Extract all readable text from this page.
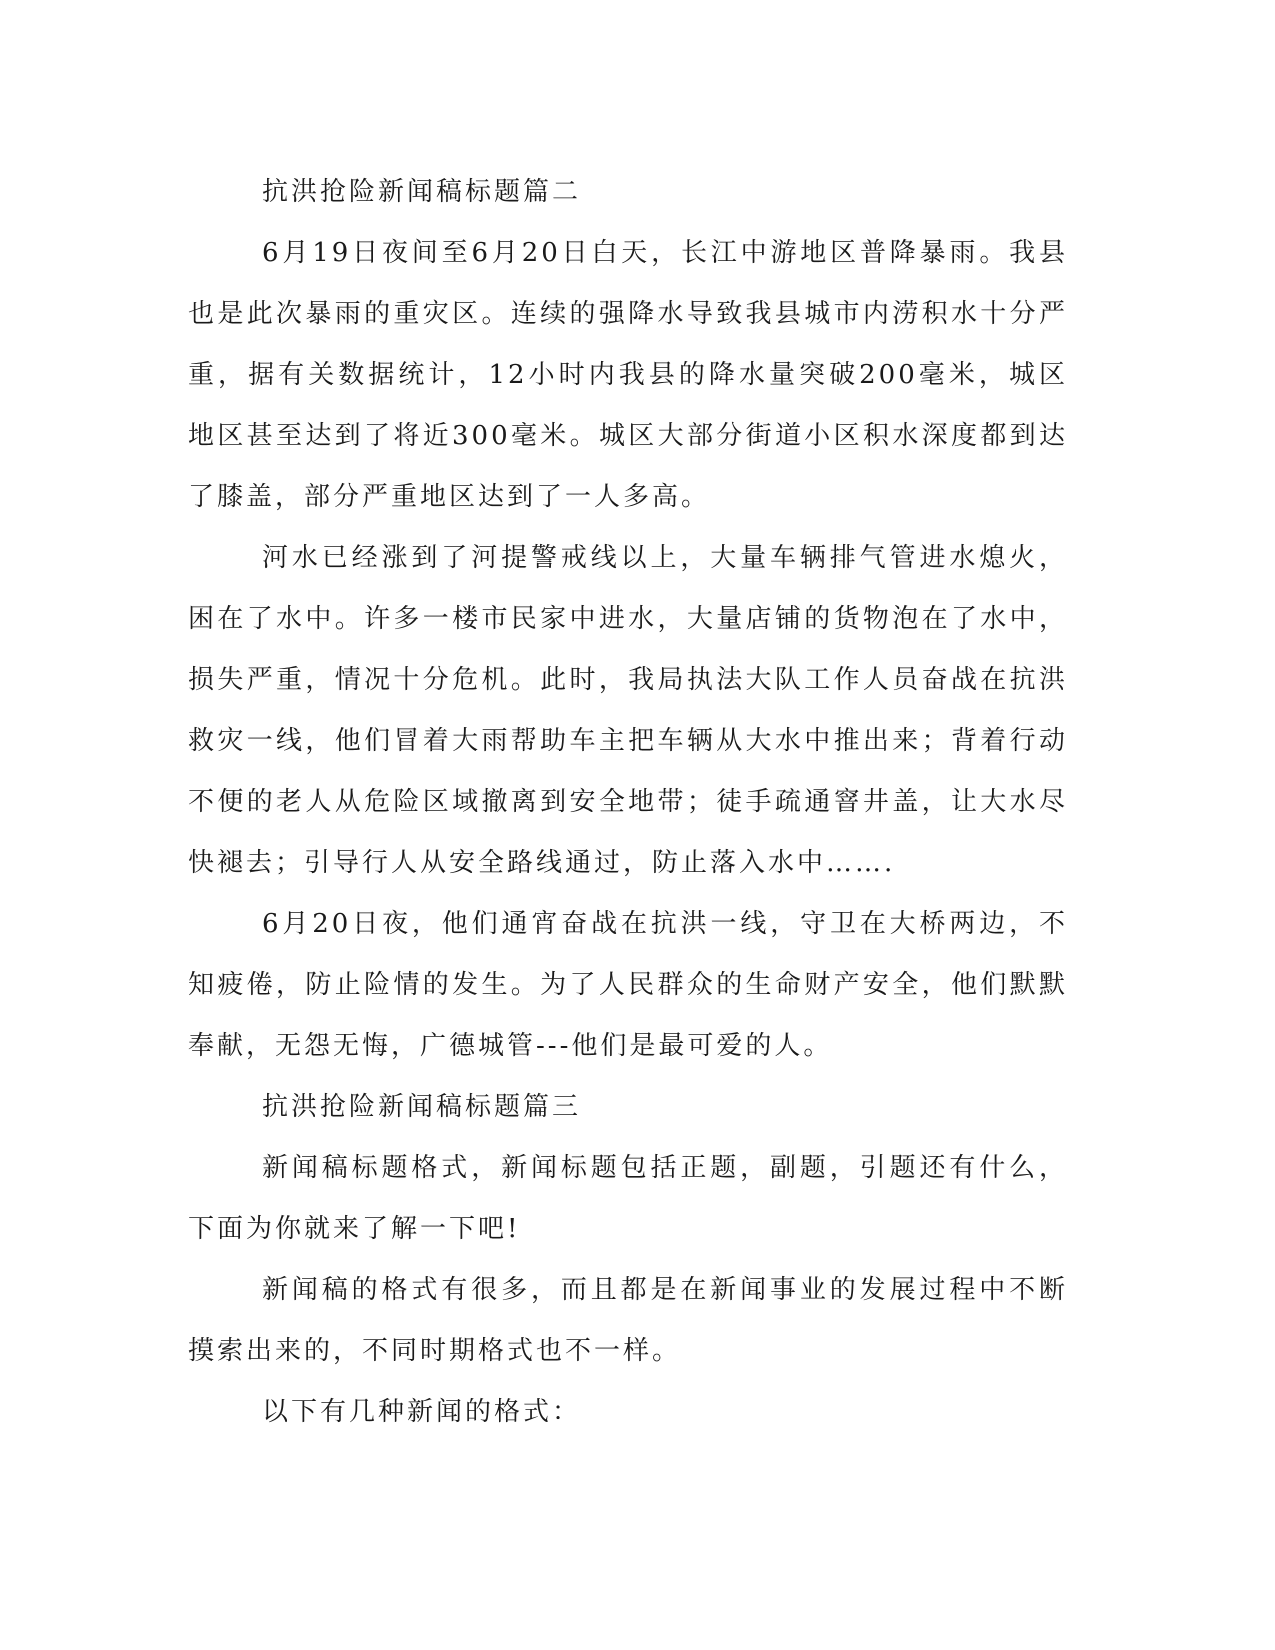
抗洪抢险新闻稿标题篇二

6月19日夜间至6月20日白天，长江中游地区普降暴雨。我县也是此次暴雨的重灾区。连续的强降水导致我县城市内涝积水十分严重，据有关数据统计，12小时内我县的降水量突破200毫米，城区地区甚至达到了将近300毫米。城区大部分街道小区积水深度都到达了膝盖，部分严重地区达到了一人多高。

河水已经涨到了河提警戒线以上，大量车辆排气管进水熄火，困在了水中。许多一楼市民家中进水，大量店铺的货物泡在了水中，损失严重，情况十分危机。此时，我局执法大队工作人员奋战在抗洪救灾一线，他们冒着大雨帮助车主把车辆从大水中推出来；背着行动不便的老人从危险区域撤离到安全地带；徒手疏通窨井盖，让大水尽快褪去；引导行人从安全路线通过，防止落入水中…….

6月20日夜，他们通宵奋战在抗洪一线，守卫在大桥两边，不知疲倦，防止险情的发生。为了人民群众的生命财产安全，他们默默奉献，无怨无悔，广德城管---他们是最可爱的人。

抗洪抢险新闻稿标题篇三

新闻稿标题格式，新闻标题包括正题，副题，引题还有什么，下面为你就来了解一下吧!

新闻稿的格式有很多，而且都是在新闻事业的发展过程中不断摸索出来的，不同时期格式也不一样。

以下有几种新闻的格式：
